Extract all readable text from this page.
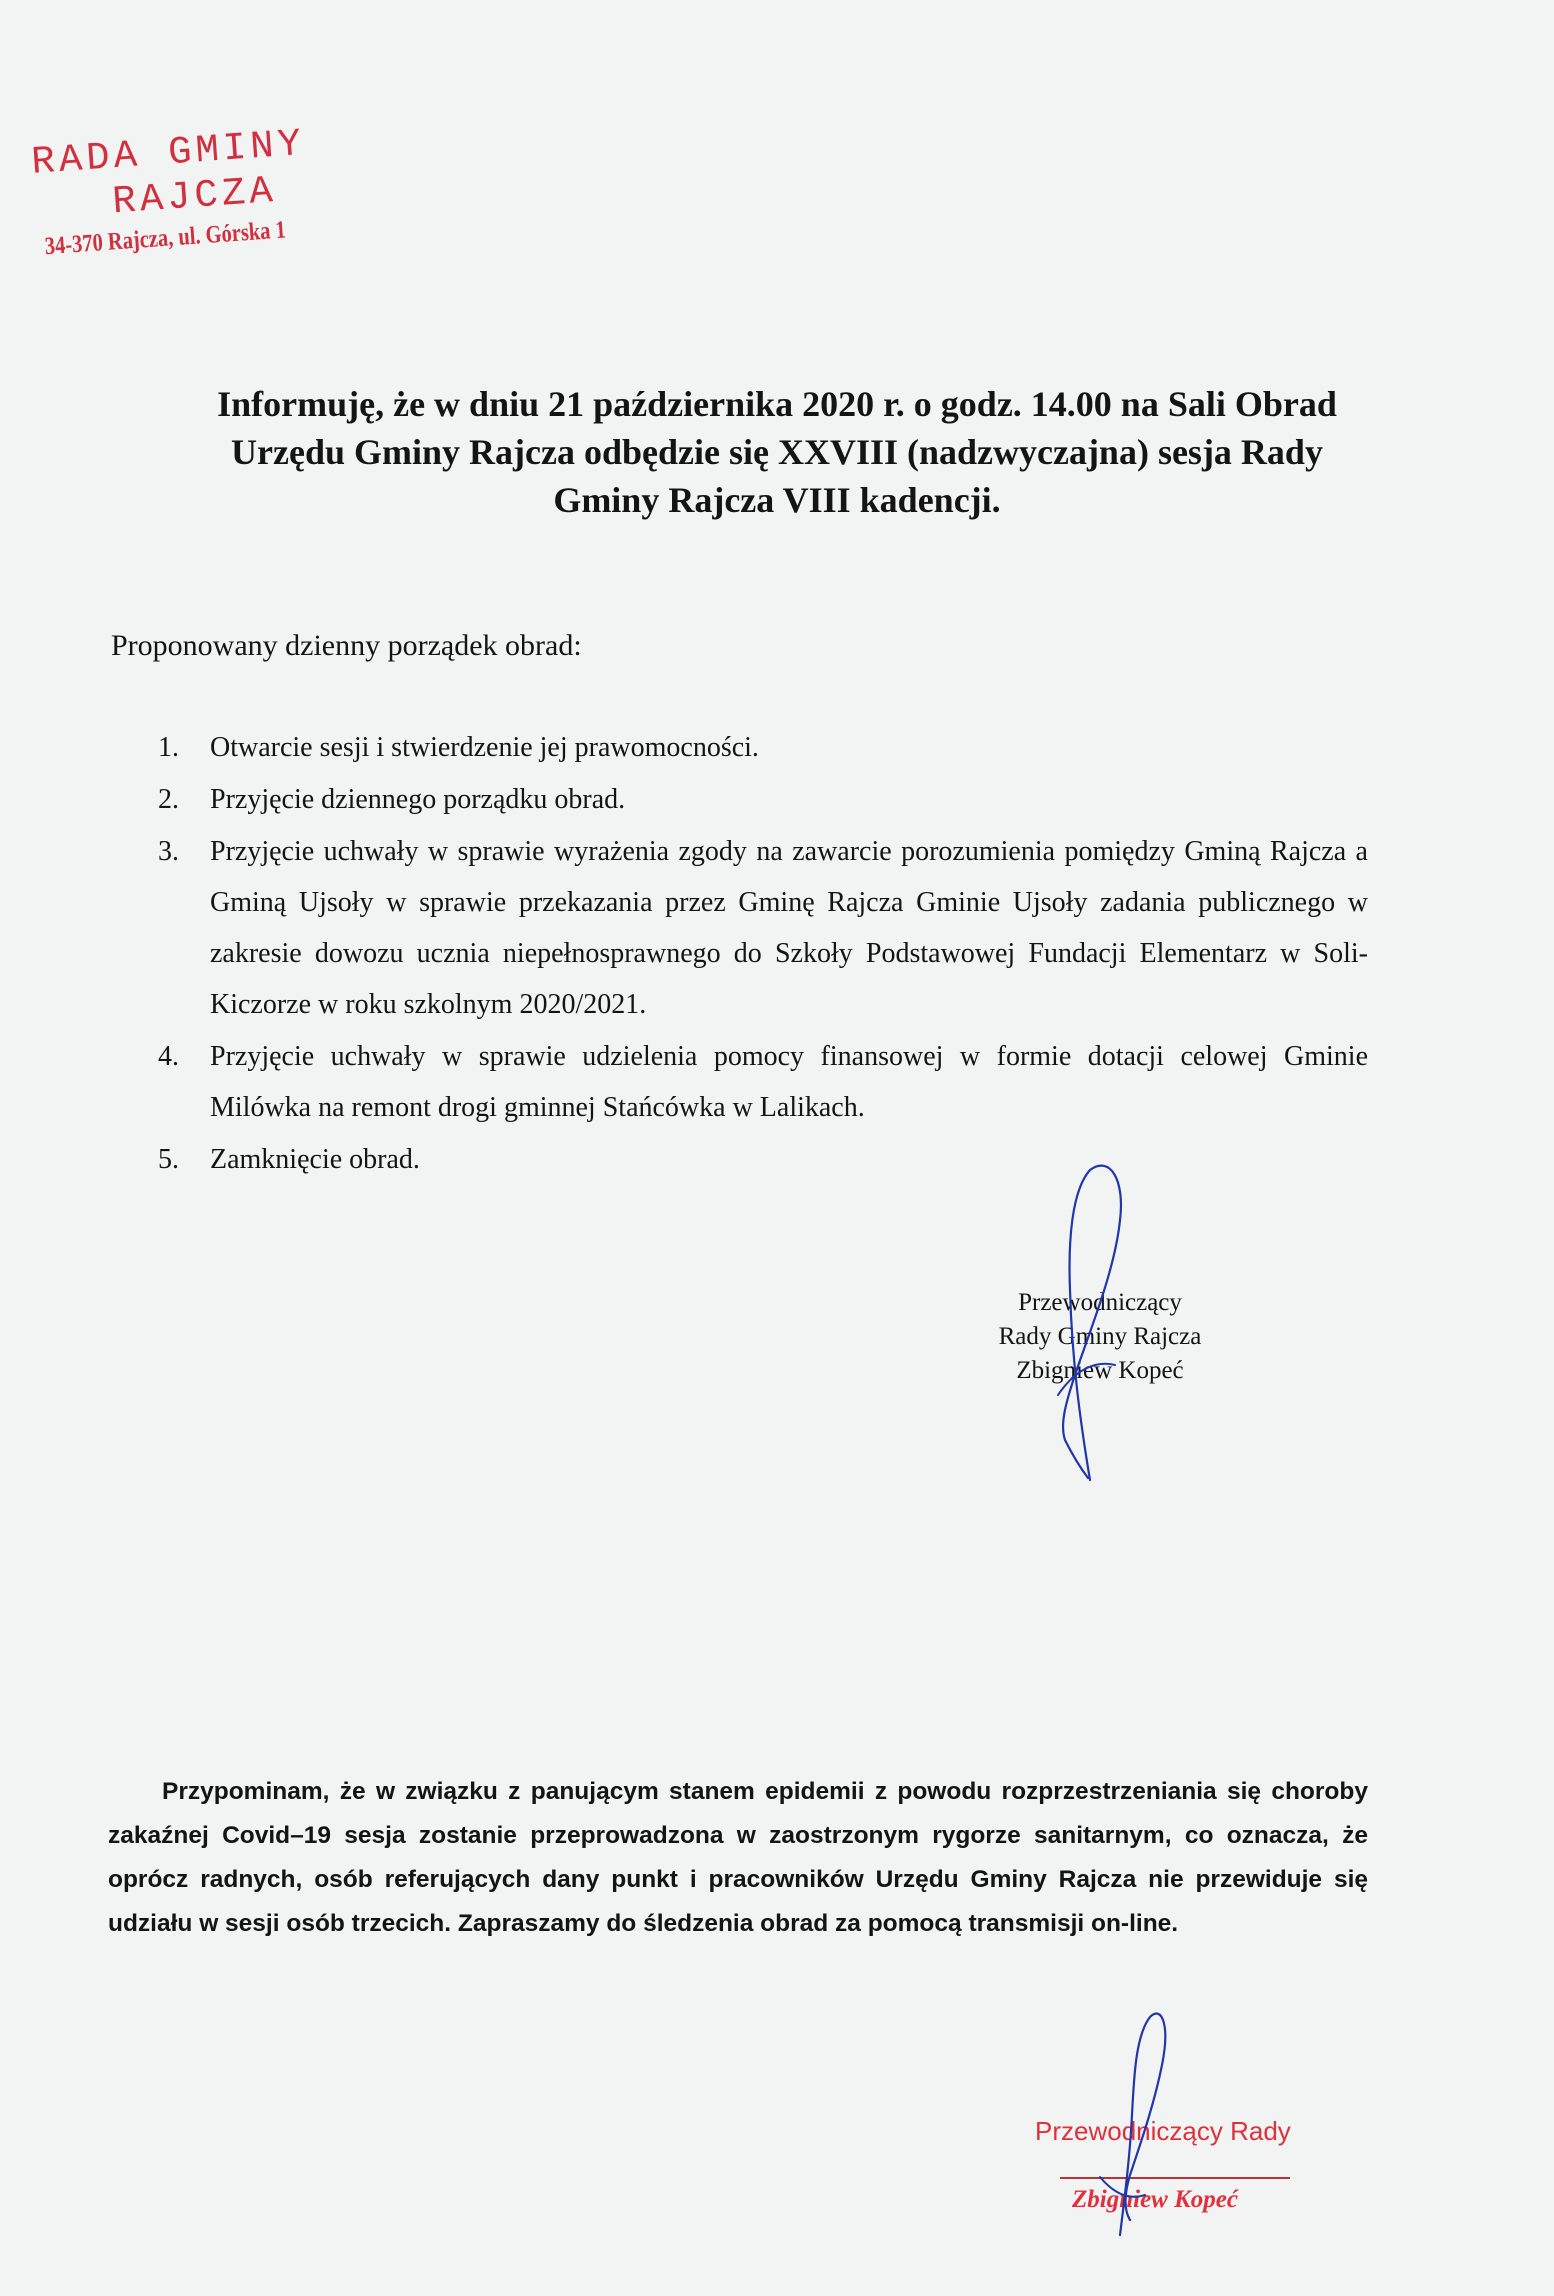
RADA GMINY
RAJCZA
34-370 Rajcza, ul. Górska 1
Informuję, że w dniu 21 października 2020 r. o godz. 14.00 na Sali Obrad
Urzędu Gminy Rajcza odbędzie się XXVIII (nadzwyczajna) sesja Rady
Gminy Rajcza VIII kadencji.
Proponowany dzienny porządek obrad:
1. Otwarcie sesji i stwierdzenie jej prawomocności.
2. Przyjęcie dziennego porządku obrad.
3. Przyjęcie uchwały w sprawie wyrażenia zgody na zawarcie porozumienia pomiędzy Gminą Rajcza a Gminą Ujsoły w sprawie przekazania przez Gminę Rajcza Gminie Ujsoły zadania publicznego w zakresie dowozu ucznia niepełnosprawnego do Szkoły Podstawowej Fundacji Elementarz w Soli-Kiczorze w roku szkolnym 2020/2021.
4. Przyjęcie uchwały w sprawie udzielenia pomocy finansowej w formie dotacji celowej Gminie Milówka na remont drogi gminnej Stańcówka w Lalikach.
5. Zamknięcie obrad.
Przewodniczący
Rady Gminy Rajcza
Zbigniew Kopeć
Przypominam, że w związku z panującym stanem epidemii z powodu rozprzestrzeniania się choroby zakaźnej Covid–19 sesja zostanie przeprowadzona w zaostrzonym rygorze sanitarnym, co oznacza, że oprócz radnych, osób referujących dany punkt i pracowników Urzędu Gminy Rajcza nie przewiduje się udziału w sesji osób trzecich. Zapraszamy do śledzenia obrad za pomocą transmisji on-line.
Przewodniczący Rady
Zbigniew Kopeć
